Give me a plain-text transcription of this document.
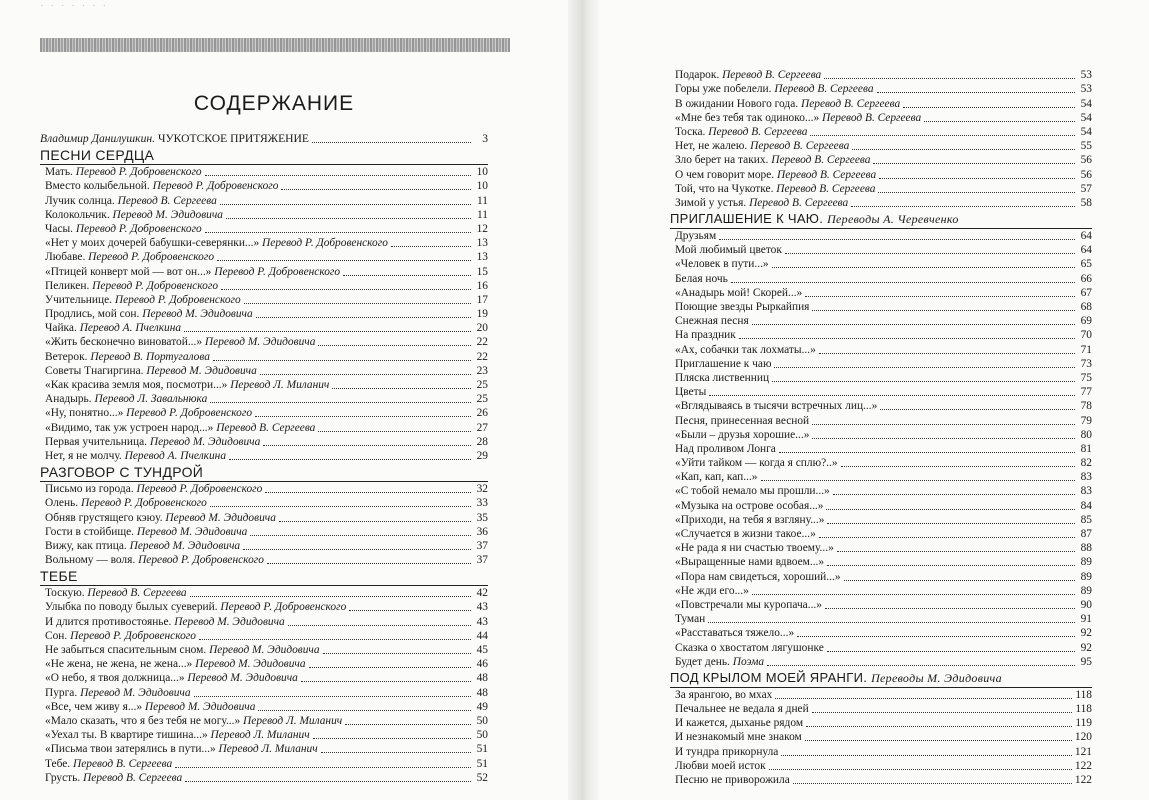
· · · · · · ·
СОДЕРЖАНИЕ
Владимир Данилушкин. ЧУКОТСКОЕ ПРИТЯЖЕНИЕ	3
ПЕСНИ СЕРДЦА
Мать. Перевод Р. Добровенского	10
Вместо колыбельной. Перевод Р. Добровенского	10
Лучик солнца. Перевод В. Сергеева	11
Колокольчик. Перевод М. Эдидовича	11
Часы. Перевод Р. Добровенского	12
«Нет у моих дочерей бабушки-северянки...» Перевод Р. Добровенского	13
Любаве. Перевод Р. Добровенского	13
«Птицей конверт мой — вот он...» Перевод Р. Добровенского	15
Пеликен. Перевод Р. Добровенского	16
Учительнице. Перевод Р. Добровенского	17
Продлись, мой сон. Перевод М. Эдидовича	19
Чайка. Перевод А. Пчелкина	20
«Жить бесконечно виноватой...» Перевод М. Эдидовича	22
Ветерок. Перевод В. Португалова	22
Советы Тнагиргина. Перевод М. Эдидовича	23
«Как красива земля моя, посмотри...» Перевод Л. Миланич	25
Анадырь. Перевод Л. Завальнюка	25
«Ну, понятно...» Перевод Р. Добровенского	26
«Видимо, так уж устроен народ...» Перевод В. Сергеева	27
Первая учительница. Перевод М. Эдидовича	28
Нет, я не молчу. Перевод А. Пчелкина	29
РАЗГОВОР С ТУНДРОЙ
Письмо из города. Перевод Р. Добровенского	32
Олень. Перевод Р. Добровенского	33
Обняв грустящего кэюу. Перевод М. Эдидовича	35
Гости в стойбище. Перевод М. Эдидовича	36
Вижу, как птица. Перевод М. Эдидовича	37
Вольному — воля. Перевод Р. Добровенского	37
ТЕБЕ
Тоскую. Перевод В. Сергеева	42
Улыбка по поводу былых суеверий. Перевод Р. Добровенского	43
И длится противостоянье. Перевод М. Эдидовича	43
Сон. Перевод Р. Добровенского	44
Не забыться спасительным сном. Перевод М. Эдидовича	45
«Не жена, не жена, не жена...» Перевод М. Эдидовича	46
«О небо, я твоя должница...» Перевод М. Эдидовича	48
Пурга. Перевод М. Эдидовича	48
«Все, чем живу я...» Перевод М. Эдидовича	49
«Мало сказать, что я без тебя не могу...» Перевод Л. Миланич	50
«Уехал ты. В квартире тишина...» Перевод Л. Миланич	50
«Письма твои затерялись в пути...» Перевод Л. Миланич	51
Тебе. Перевод В. Сергеева	51
Грусть. Перевод В. Сергеева	52
Подарок. Перевод В. Сергеева	53
Горы уже побелели. Перевод В. Сергеева	53
В ожидании Нового года. Перевод В. Сергеева	54
«Мне без тебя так одиноко...» Перевод В. Сергеева	54
Тоска. Перевод В. Сергеева	54
Нет, не жалею. Перевод В. Сергеева	55
Зло берет на таких. Перевод В. Сергеева	56
О чем говорит море. Перевод В. Сергеева	56
Той, что на Чукотке. Перевод В. Сергеева	57
Зимой у устья. Перевод В. Сергеева	58
ПРИГЛАШЕНИЕ К ЧАЮ. Переводы А. Черевченко
Друзьям	64
Мой любимый цветок	64
«Человек в пути...»	65
Белая ночь	66
«Анадырь мой! Скорей...»	67
Поющие звезды Рыркайпия	68
Снежная песня	69
На праздник	70
«Ах, собачки так лохматы...»	71
Приглашение к чаю	73
Пляска лиственниц	75
Цветы	77
«Вглядываясь в тысячи встречных лиц...»	78
Песня, принесенная весной	79
«Были – друзья хорошие...»	80
Над проливом Лонга	81
«Уйти тайком — когда я сплю?..»	82
«Кап, кап, кап...»	83
«С тобой немало мы прошли...»	83
«Музыка на острове особая...»	84
«Приходи, на тебя я взгляну...»	85
«Случается в жизни такое...»	87
«Не рада я ни счастью твоему...»	88
«Выращенные нами вдвоем...»	89
«Пора нам свидеться, хороший...»	89
«Не жди его...»	89
«Повстречали мы куропача...»	90
Туман	91
«Расставаться тяжело...»	92
Сказка о хвостатом лягушонке	92
Будет день. Поэма	95
ПОД КРЫЛОМ МОЕЙ ЯРАНГИ. Переводы М. Эдидовича
За ярангою, во мхах	118
Печальнее не ведала я дней	118
И кажется, дыханье рядом	119
И незнакомый мне знаком	120
И тундра прикорнула	121
Любви моей исток	122
Песню не приворожила	122
